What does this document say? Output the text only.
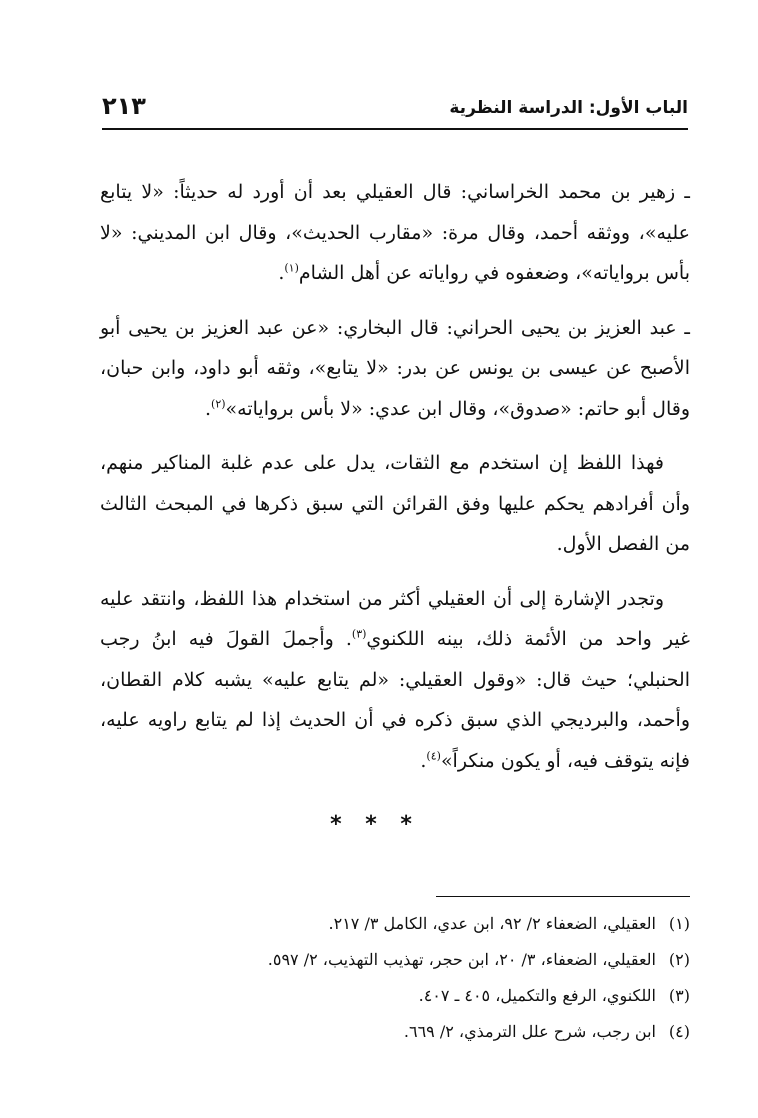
الباب الأول: الدراسة النظرية
٢١٣

ـ زهير بن محمد الخراساني: قال العقيلي بعد أن أورد له حديثاً: «لا يتابع عليه»، ووثقه أحمد، وقال مرة: «مقارب الحديث»، وقال ابن المديني: «لا بأس برواياته»، وضعفوه في رواياته عن أهل الشام$^{(١)}$.

ـ عبد العزيز بن يحيى الحراني: قال البخاري: «عن عبد العزيز بن يحيى أبو الأصبح عن عيسى بن يونس عن بدر: «لا يتابع»، وثقه أبو داود، وابن حبان، وقال أبو حاتم: «صدوق»، وقال ابن عدي: «لا بأس برواياته»$^{(٢)}$.

فهذا اللفظ إن استخدم مع الثقات، يدل على عدم غلبة المناكير منهم، وأن أفرادهم يحكم عليها وفق القرائن التي سبق ذكرها في المبحث الثالث من الفصل الأول.

وتجدر الإشارة إلى أن العقيلي أكثر من استخدام هذا اللفظ، وانتقد عليه غير واحد من الأئمة ذلك، بينه اللكنوي$^{(٣)}$. وأجملَ القولَ فيه ابنُ رجب الحنبلي؛ حيث قال: «وقول العقيلي: «لم يتابع عليه» يشبه كلام القطان، وأحمد، والبرديجي الذي سبق ذكره في أن الحديث إذا لم يتابع راويه عليه، فإنه يتوقف فيه، أو يكون منكراً»$^{(٤)}$.

* * *
(١)العقيلي، الضعفاء ٢/ ٩٢، ابن عدي، الكامل ٣/ ٢١٧.
(٢)العقيلي، الضعفاء، ٣/ ٢٠، ابن حجر، تهذيب التهذيب، ٢/ ٥٩٧.
(٣)اللكنوي، الرفع والتكميل، ٤٠٥ ـ ٤٠٧.
(٤)ابن رجب، شرح علل الترمذي، ٢/ ٦٦٩.
